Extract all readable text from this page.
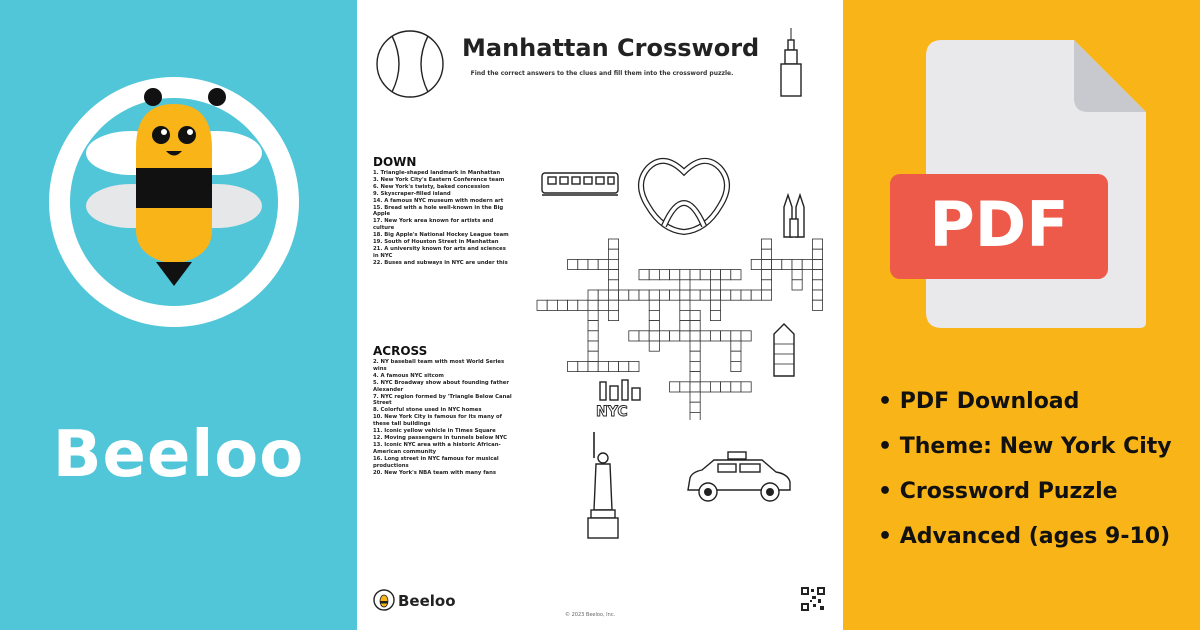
Beeloo
Manhattan Crossword
Find the correct answers to the clues and fill them into the crossword puzzle.
DOWN
1. Triangle-shaped landmark in Manhattan
3. New York City's Eastern Conference team
6. New York's twisty, baked concession
9. Skyscraper-filled island
14. A famous NYC museum with modern art
15. Bread with a hole well-known in the Big Apple
17. New York area known for artists and culture
18. Big Apple's National Hockey League team
19. South of Houston Street in Manhattan
21. A university known for arts and sciences in NYC
22. Buses and subways in NYC are under this
ACROSS
2. NY baseball team with most World Series wins
4. A famous NYC sitcom
5. NYC Broadway show about founding father Alexander
7. NYC region formed by 'Triangle Below Canal Street
8. Colorful stone used in NYC homes
10. New York City is famous for its many of these tall buildings
11. Iconic yellow vehicle in Times Square
12. Moving passengers in tunnels below NYC
13. Iconic NYC area with a historic African-American community
16. Long street in NYC famous for musical productions
20. New York's NBA team with many fans
NYC
Beeloo
© 2023 Beeloo, Inc.
PDF
• PDF Download
• Theme: New York City
• Crossword Puzzle
• Advanced (ages 9-10)
